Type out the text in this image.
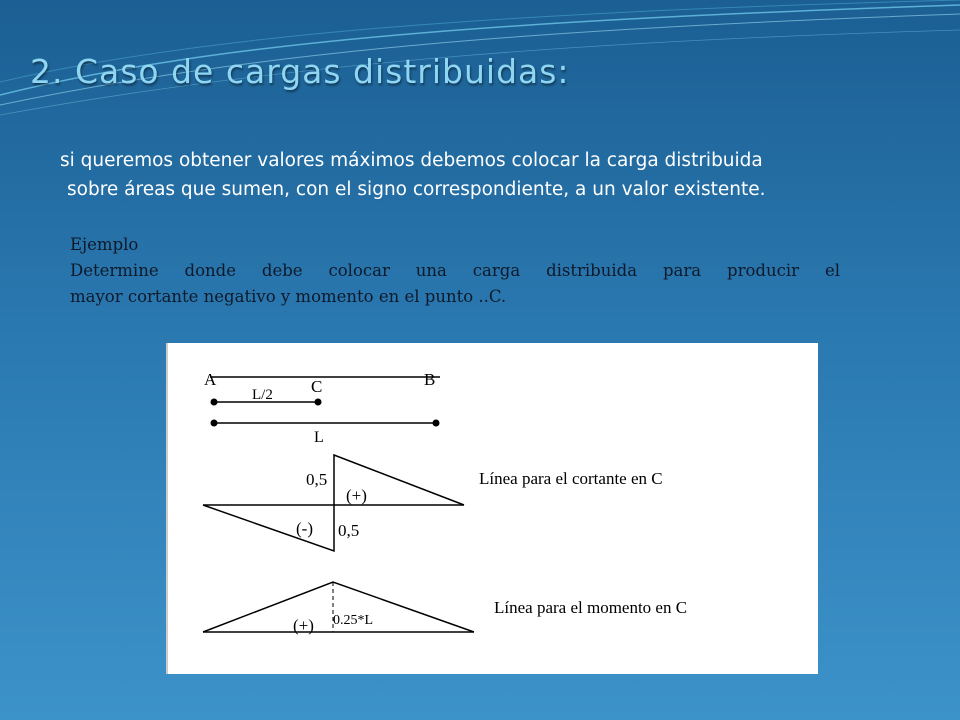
2. Caso de cargas distribuidas:

si queremos obtener valores máximos debemos colocar la carga distribuida
sobre áreas que sumen, con el signo correspondiente, a un valor existente.

Ejemplo
Determine donde debe colocar una carga distribuida para producir el
mayor cortante negativo y momento en el punto ..C.
A	C	B
L/2
L
0,5
(+)
(-) 0,5
Línea para el cortante en C
0.25*L
(+)
Línea para el momento en C
